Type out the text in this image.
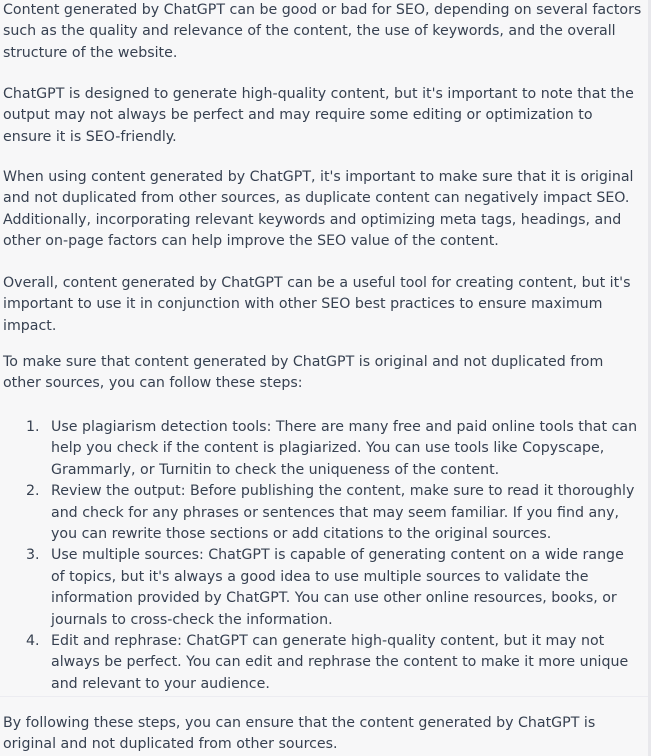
Content generated by ChatGPT can be good or bad for SEO, depending on several factors such as the quality and relevance of the content, the use of keywords, and the overall structure of the website.

ChatGPT is designed to generate high-quality content, but it's important to note that the output may not always be perfect and may require some editing or optimization to ensure it is SEO-friendly.

When using content generated by ChatGPT, it's important to make sure that it is original and not duplicated from other sources, as duplicate content can negatively impact SEO. Additionally, incorporating relevant keywords and optimizing meta tags, headings, and other on-page factors can help improve the SEO value of the content.

Overall, content generated by ChatGPT can be a useful tool for creating content, but it's important to use it in conjunction with other SEO best practices to ensure maximum impact.

To make sure that content generated by ChatGPT is original and not duplicated from other sources, you can follow these steps:

1. Use plagiarism detection tools: There are many free and paid online tools that can help you check if the content is plagiarized. You can use tools like Copyscape, Grammarly, or Turnitin to check the uniqueness of the content.
2. Review the output: Before publishing the content, make sure to read it thoroughly and check for any phrases or sentences that may seem familiar. If you find any, you can rewrite those sections or add citations to the original sources.
3. Use multiple sources: ChatGPT is capable of generating content on a wide range of topics, but it's always a good idea to use multiple sources to validate the information provided by ChatGPT. You can use other online resources, books, or journals to cross-check the information.
4. Edit and rephrase: ChatGPT can generate high-quality content, but it may not always be perfect. You can edit and rephrase the content to make it more unique and relevant to your audience.

By following these steps, you can ensure that the content generated by ChatGPT is original and not duplicated from other sources.
